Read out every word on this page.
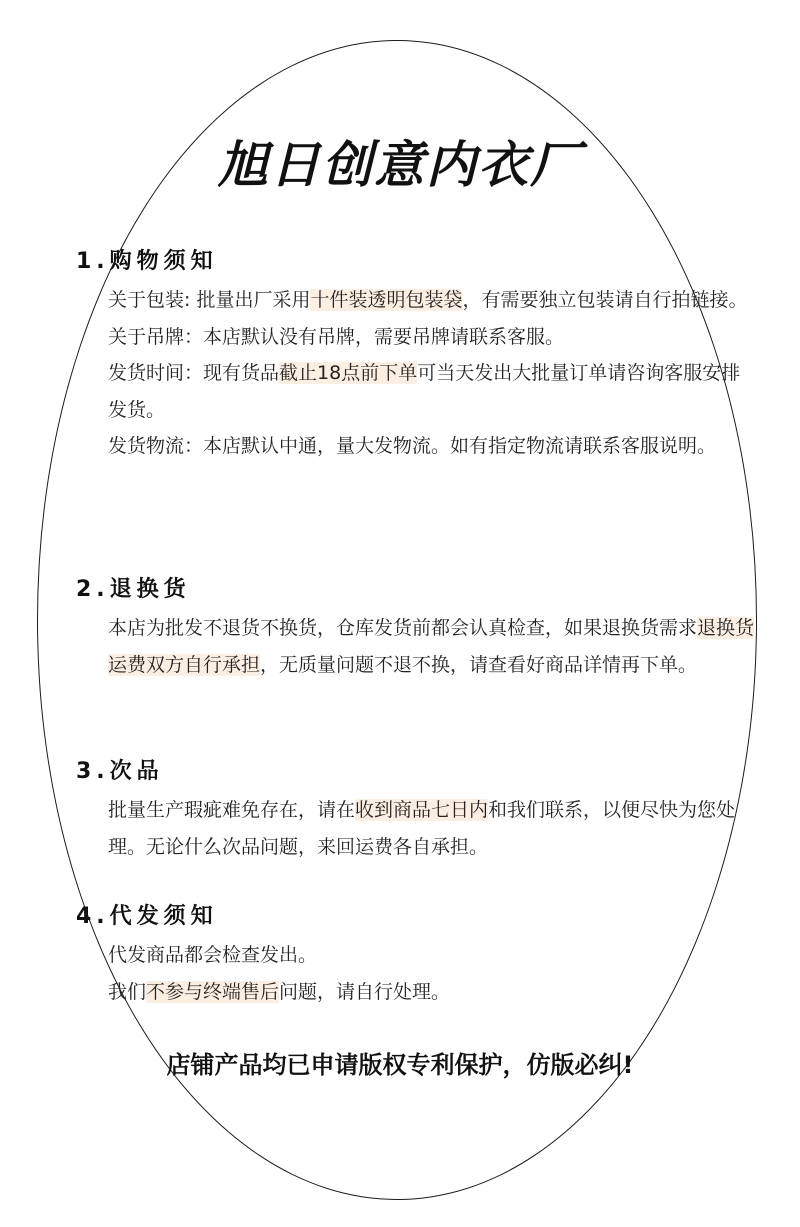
旭日创意内衣厂
1.购物须知

关于包装: 批量出厂采用十件装透明包装袋，有需要独立包装请自行拍链接。

关于吊牌：本店默认没有吊牌，需要吊牌请联系客服。

发货时间：现有货品截止18点前下单可当天发出大批量订单请咨询客服安排发货。

发货物流：本店默认中通，量大发物流。如有指定物流请联系客服说明。

2.退换货

本店为批发不退货不换货，仓库发货前都会认真检查，如果退换货需求退换货运费双方自行承担，无质量问题不退不换，请查看好商品详情再下单。

3.次品

批量生产瑕疵难免存在，请在收到商品七日内和我们联系，以便尽快为您处理。无论什么次品问题，来回运费各自承担。

4.代发须知

代发商品都会检查发出。

我们不参与终端售后问题，请自行处理。

店铺产品均已申请版权专利保护，仿版必纠!
